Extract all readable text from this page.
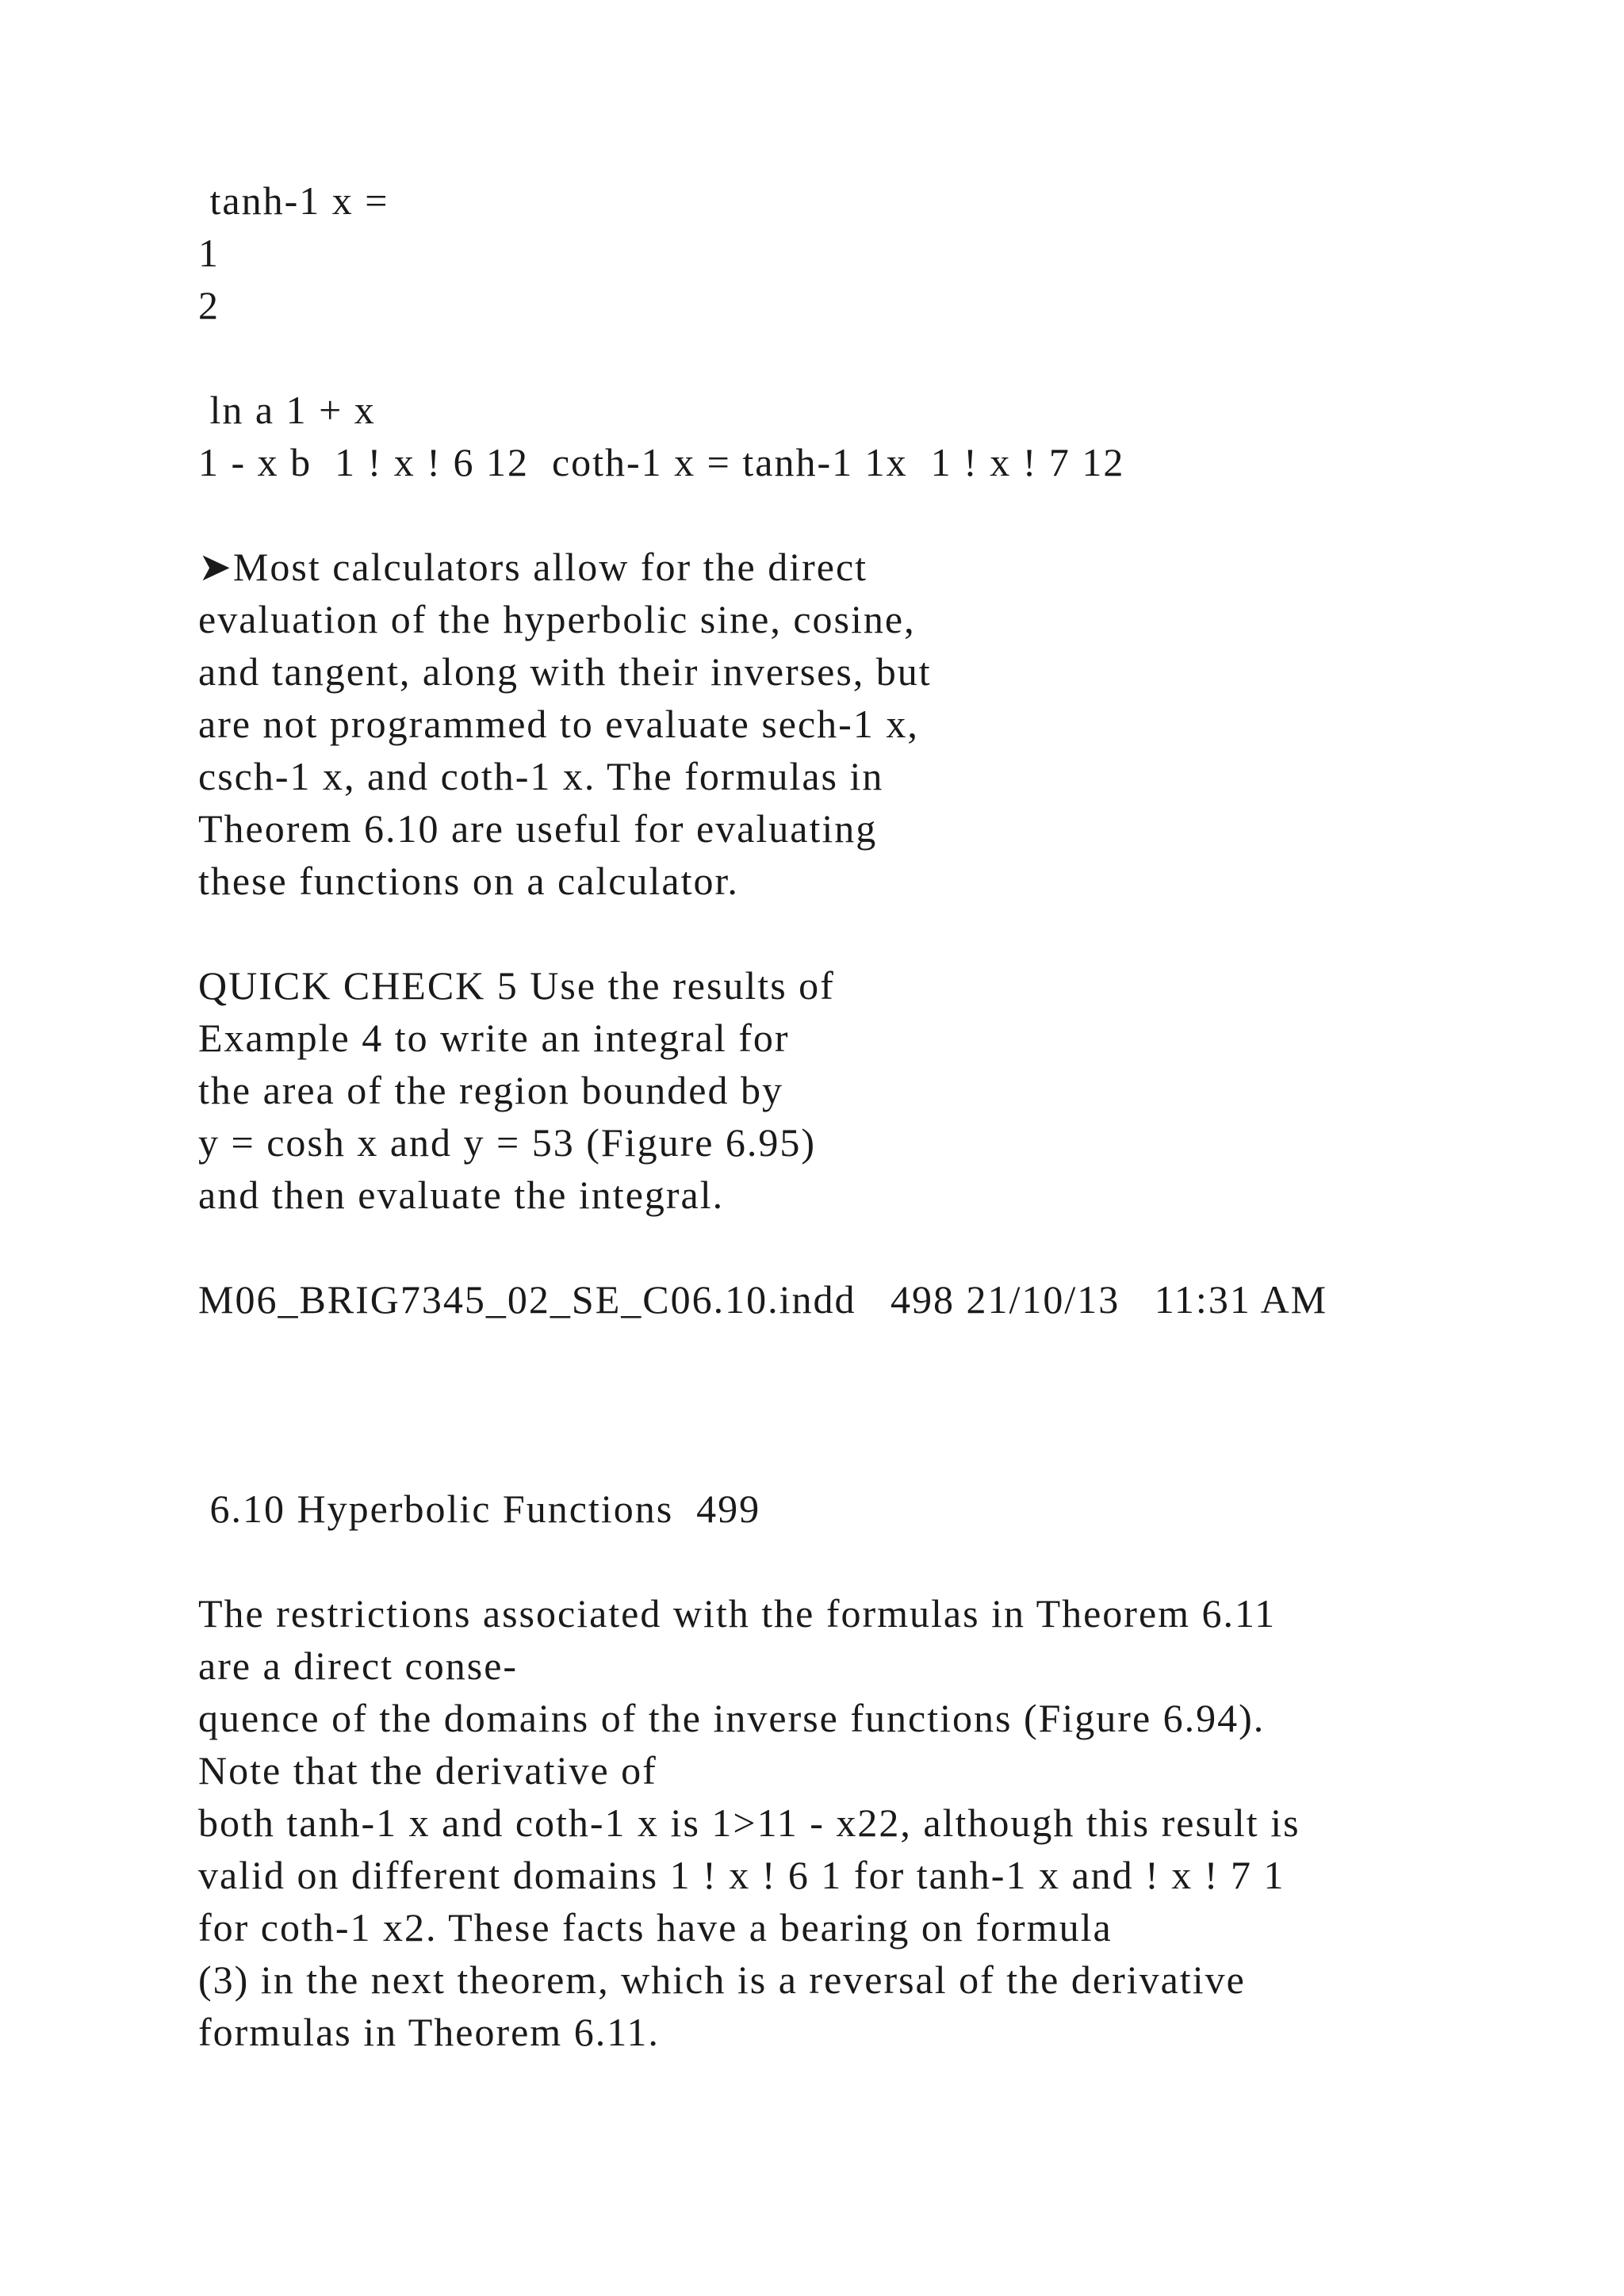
tanh-1 x =
1
2
ln a 1 + x
1 - x b  1 ! x ! 6 12  coth-1 x = tanh-1 1x  1 ! x ! 7 12
➤Most calculators allow for the direct
evaluation of the hyperbolic sine, cosine,
and tangent, along with their inverses, but
are not programmed to evaluate sech-1 x,
csch-1 x, and coth-1 x. The formulas in
Theorem 6.10 are useful for evaluating
these functions on a calculator.
QUICK CHECK 5 Use the results of
Example 4 to write an integral for
the area of the region bounded by
y = cosh x and y = 53 (Figure 6.95)
and then evaluate the integral.
M06_BRIG7345_02_SE_C06.10.indd   498 21/10/13   11:31 AM
6.10 Hyperbolic Functions  499
The restrictions associated with the formulas in Theorem 6.11
are a direct conse-
quence of the domains of the inverse functions (Figure 6.94).
Note that the derivative of
both tanh-1 x and coth-1 x is 1>11 - x22, although this result is
valid on different domains 1 ! x ! 6 1 for tanh-1 x and ! x ! 7 1
for coth-1 x2. These facts have a bearing on formula
(3) in the next theorem, which is a reversal of the derivative
formulas in Theorem 6.11.
